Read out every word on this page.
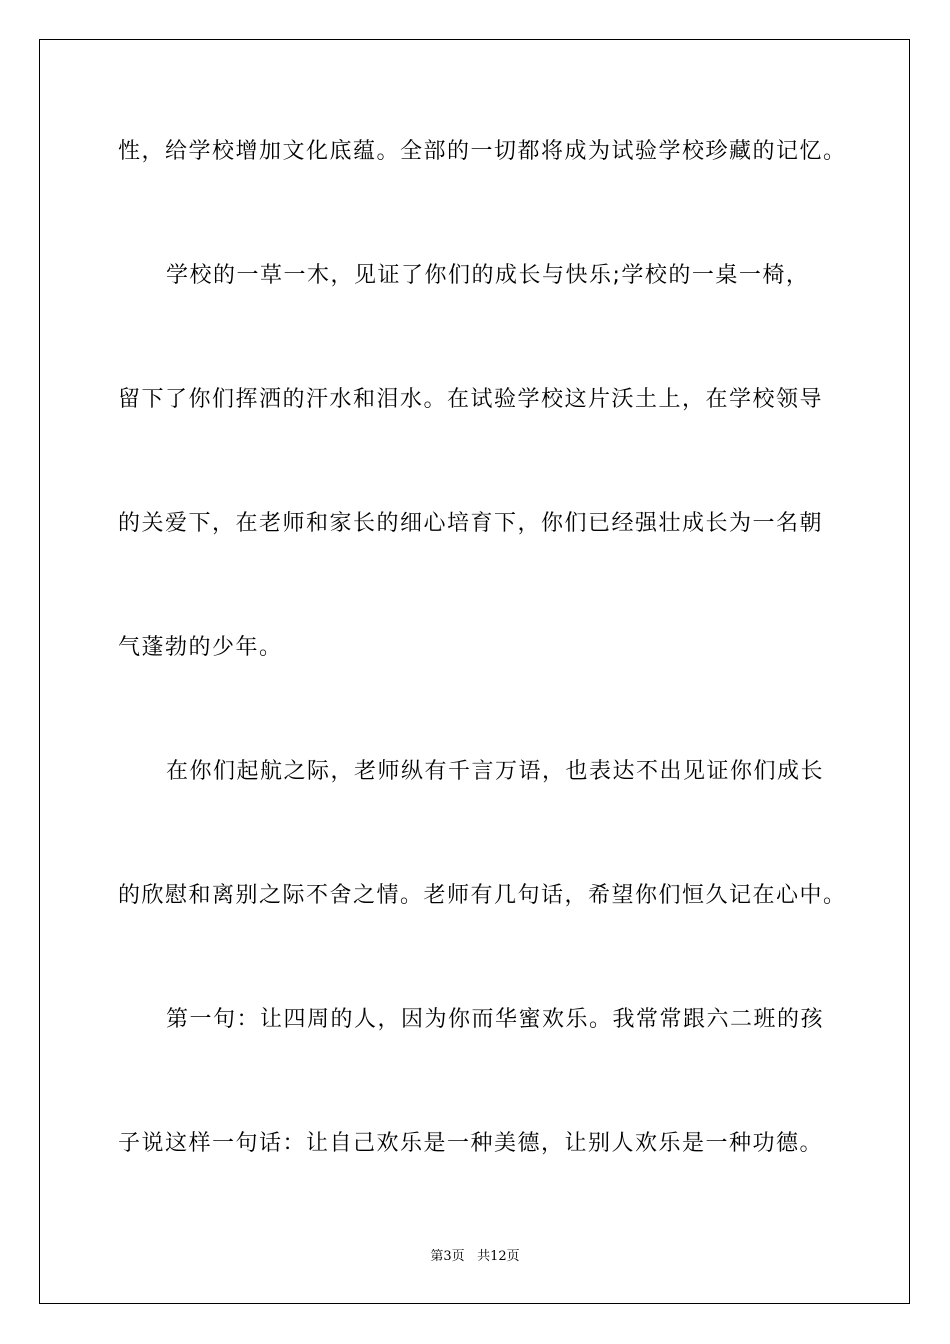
性，给学校增加文化底蕴。全部的一切都将成为试验学校珍藏的记忆。
学校的一草一木，见证了你们的成长与快乐;学校的一桌一椅，
留下了你们挥洒的汗水和泪水。在试验学校这片沃土上，在学校领导
的关爱下，在老师和家长的细心培育下，你们已经强壮成长为一名朝
气蓬勃的少年。
在你们起航之际，老师纵有千言万语，也表达不出见证你们成长
的欣慰和离别之际不舍之情。老师有几句话，希望你们恒久记在心中。
第一句：让四周的人，因为你而华蜜欢乐。我常常跟六二班的孩
子说这样一句话：让自己欢乐是一种美德，让别人欢乐是一种功德。
第3页 共12页
